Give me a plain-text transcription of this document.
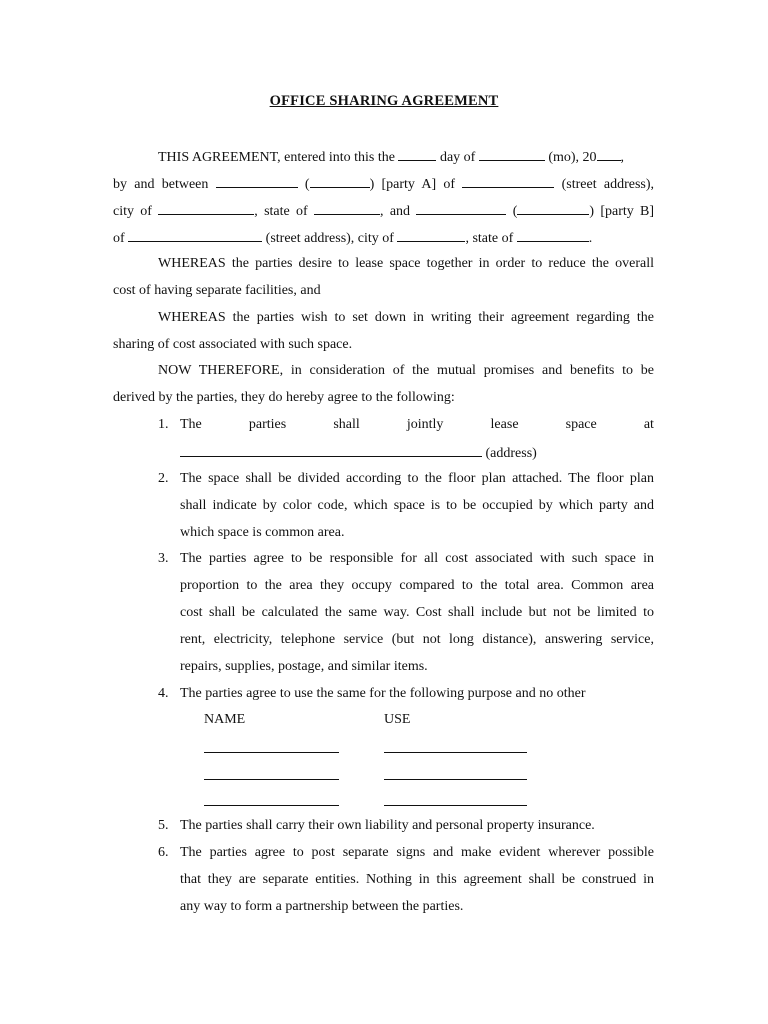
OFFICE SHARING AGREEMENT
THIS AGREEMENT, entered into this the	day of	(mo), 20 ,
by and between	(	) [party A] of	(street address),
city of	, state of	, and	(	) [party B]
of	(street address), city of	, state of	.
WHEREAS the parties desire to lease space together in order to reduce the overall
cost of having separate facilities, and
WHEREAS the parties wish to set down in writing their agreement regarding the
sharing of cost associated with such space.
NOW THEREFORE, in consideration of the mutual promises and benefits to be
derived by the parties, they do hereby agree to the following:
1. The	parties	shall	jointly	lease	space	at
(address)
2. The space shall be divided according to the floor plan attached. The floor plan
shall indicate by color code, which space is to be occupied by which party and
which space is common area.
3. The parties agree to be responsible for all cost associated with such space in
proportion to the area they occupy compared to the total area. Common area
cost shall be calculated the same way. Cost shall include but not be limited to
rent, electricity, telephone service (but not long distance), answering service,
repairs, supplies, postage, and similar items.
4. The parties agree to use the same for the following purpose and no other
NAME	USE
5. The parties shall carry their own liability and personal property insurance.
6. The parties agree to post separate signs and make evident wherever possible
that they are separate entities. Nothing in this agreement shall be construed in
any way to form a partnership between the parties.
